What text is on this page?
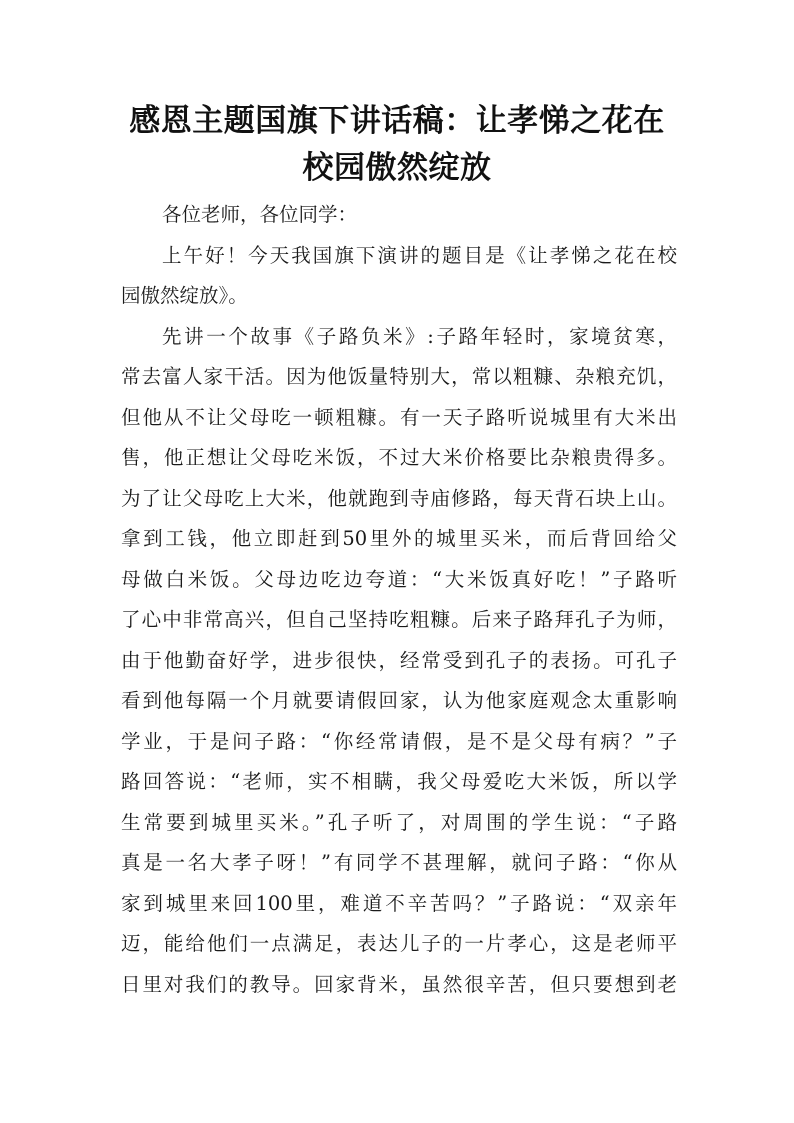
感恩主题国旗下讲话稿：让孝悌之花在
校园傲然绽放
各位老师，各位同学：
上午好！今天我国旗下演讲的题目是《让孝悌之花在校
园傲然绽放》。
先讲一个故事《子路负米》:子路年轻时，家境贫寒，
常去富人家干活。因为他饭量特别大，常以粗糠、杂粮充饥，
但他从不让父母吃一顿粗糠。有一天子路听说城里有大米出
售，他正想让父母吃米饭，不过大米价格要比杂粮贵得多。
为了让父母吃上大米，他就跑到寺庙修路，每天背石块上山。
拿到工钱，他立即赶到50里外的城里买米，而后背回给父
母做白米饭。父母边吃边夸道：“大米饭真好吃！”子路听
了心中非常高兴，但自己坚持吃粗糠。后来子路拜孔子为师，
由于他勤奋好学，进步很快，经常受到孔子的表扬。可孔子
看到他每隔一个月就要请假回家，认为他家庭观念太重影响
学业，于是问子路：“你经常请假，是不是父母有病？”子
路回答说：“老师，实不相瞒，我父母爱吃大米饭，所以学
生常要到城里买米。”孔子听了，对周围的学生说：“子路
真是一名大孝子呀！”有同学不甚理解，就问子路：“你从
家到城里来回100里，难道不辛苦吗？”子路说：“双亲年
迈，能给他们一点满足，表达儿子的一片孝心，这是老师平
日里对我们的教导。回家背米，虽然很辛苦，但只要想到老
